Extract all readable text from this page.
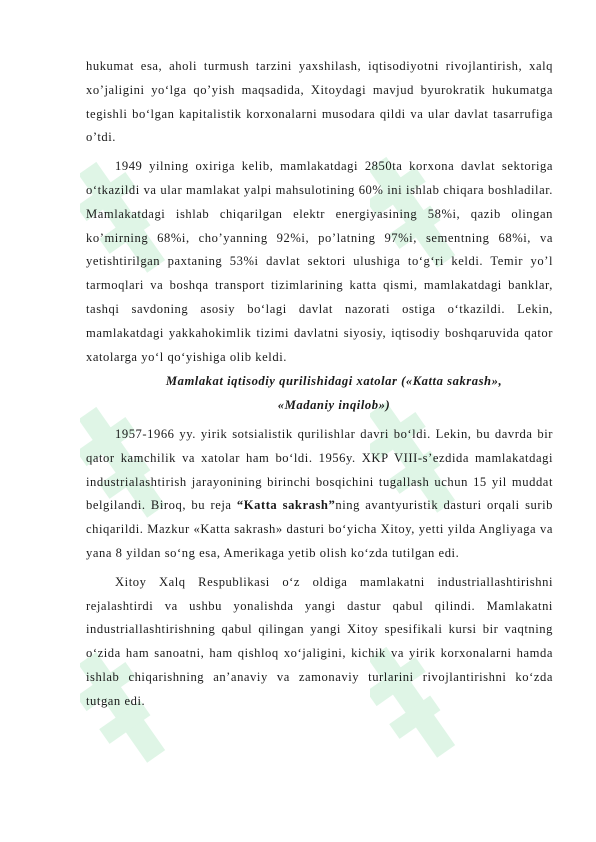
hukumat esa, aholi turmush tarzini yaxshilash, iqtisodiyotni rivojlantirish, xalq xo’jaligini yo‘lga qo’yish maqsadida, Xitoydagi mavjud byurokratik hukumatga tegishli bo‘lgan kapitalistik korxonalarni musodara qildi va ular davlat tasarrufiga o’tdi.

1949 yilning oxiriga kelib, mamlakatdagi 2850ta korxona davlat sektoriga o‘tkazildi va ular mamlakat yalpi mahsulotining 60% ini ishlab chiqara boshladilar. Mamlakatdagi ishlab chiqarilgan elektr energiyasining 58%i, qazib olingan ko’mirning 68%i, cho’yanning 92%i, po’latning 97%i, sementning 68%i, va yetishtirilgan paxtaning 53%i davlat sektori ulushiga to‘g‘ri keldi. Temir yo’l tarmoqlari va boshqa transport tizimlarining katta qismi, mamlakatdagi banklar, tashqi savdoning asosiy bo‘lagi davlat nazorati ostiga o‘tkazildi. Lekin, mamlakatdagi yakkahokimlik tizimi davlatni siyosiy, iqtisodiy boshqaruvida qator xatolarga yo‘l qo‘yishiga olib keldi.

Mamlakat iqtisodiy qurilishidagi xatolar («Katta sakrash»,
«Madaniy inqilob»)

1957-1966 yy. yirik sotsialistik qurilishlar davri bo‘ldi. Lekin, bu davrda bir qator kamchilik va xatolar ham bo‘ldi. 1956y. XKP VIII-s’ezdida mamlakatdagi industrialashtirish jarayonining birinchi bosqichini tugallash uchun 15 yil muddat belgilandi. Biroq, bu reja “Katta sakrash”ning avantyuristik dasturi orqali surib chiqarildi. Mazkur «Katta sakrash» dasturi bo‘yicha Xitoy, yetti yilda Angliyaga va yana 8 yildan so‘ng esa, Amerikaga yetib olish ko‘zda tutilgan edi.

Xitoy Xalq Respublikasi o‘z oldiga mamlakatni industriallashtirishni rejalashtirdi va ushbu yonalishda yangi dastur qabul qilindi. Mamlakatni industriallashtirishning qabul qilingan yangi Xitoy spesifikali kursi bir vaqtning o‘zida ham sanoatni, ham qishloq xo‘jaligini, kichik va yirik korxonalarni hamda ishlab chiqarishning an’anaviy va zamonaviy turlarini rivojlantirishni ko‘zda tutgan edi.
